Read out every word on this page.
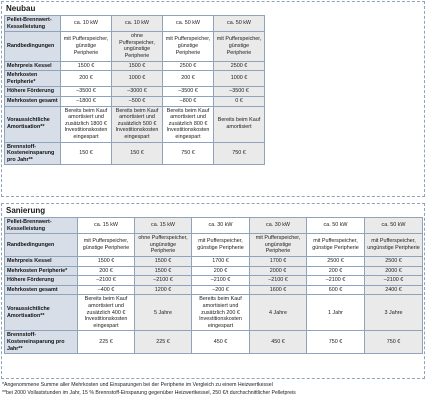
Neubau
Pellet-Brennwert-Kesselleistung	ca. 10 kW	ca. 10 kW	ca. 50 kW	ca. 50 kW
Randbedingungen	mit Pufferspeicher, günstige Peripherie	ohne Pufferspeicher, ungünstige Peripherie	mit Pufferspeicher, günstige Peripherie	mit Pufferspeicher, günstige Peripherie
Mehrpreis Kessel	1500 €	1500 €	2500 €	2500 €
Mehrkosten Peripherie*	200 €	1000 €	200 €	1000 €
Höhere Förderung	–3500 €	–3000 €	–3500 €	–3500 €
Mehrkosten gesamt	–1800 €	–500 €	–800 €	0 €
Voraussichtliche Amortisation**	Bereits beim Kauf amortisiert und zusätzlich 1800 € Investitionskosten eingespart	Bereits beim Kauf amortisiert und zusätzlich 500 € Investitionskosten eingespart	Bereits beim Kauf amortisiert und zusätzlich 800 € Investitionskosten eingespart	Bereits beim Kauf amortisiert
Brennstoff-Kosteneinsparung pro Jahr**	150 €	150 €	750 €	750 €
Sanierung
Pellet-Brennwert-Kesselleistung	ca. 15 kW	ca. 15 kW	ca. 30 kW	ca. 30 kW	ca. 50 kW	ca. 50 kW
Randbedingungen	mit Pufferspeicher, günstige Peripherie	ohne Pufferspeicher, ungünstige Peripherie	mit Pufferspeicher, günstige Peripherie	mit Pufferspeicher, ungünstige Peripherie	mit Pufferspeicher, günstige Peripherie	mit Pufferspeicher, ungünstige Peripherie
Mehrpreis Kessel	1500 €	1500 €	1700 €	1700 €	2500 €	2500 €
Mehrkosten Peripherie*	200 €	1500 €	200 €	2000 €	200 €	2000 €
Höhere Förderung	–2100 €	–2100 €	–2100 €	–2100 €	–2100 €	–2100 €
Mehrkosten gesamt	–400 €	1200 €	–200 €	1600 €	600 €	2400 €
Voraussichtliche Amortisation**	Bereits beim Kauf amortisiert und zusätzlich 400 € Investitionskosten eingespart	5 Jahre	Bereits beim Kauf amortisiert und zusätzlich 200 € Investitionskosten eingespart	4 Jahre	1 Jahr	3 Jahre
Brennstoff-Kosteneinsparung pro Jahr**	225 €	225 €	450 €	450 €	750 €	750 €
*Angenommene Summe aller Mehrkosten und Einsparungen bei der Peripherie im Vergleich zu einem Heizwertkessel
**bei 2000 Vollaststunden im Jahr, 15 % Brennstoff-Einsparung gegenüber Heizwertkessel, 250 €/t durchschnittlicher Pelletpreis
